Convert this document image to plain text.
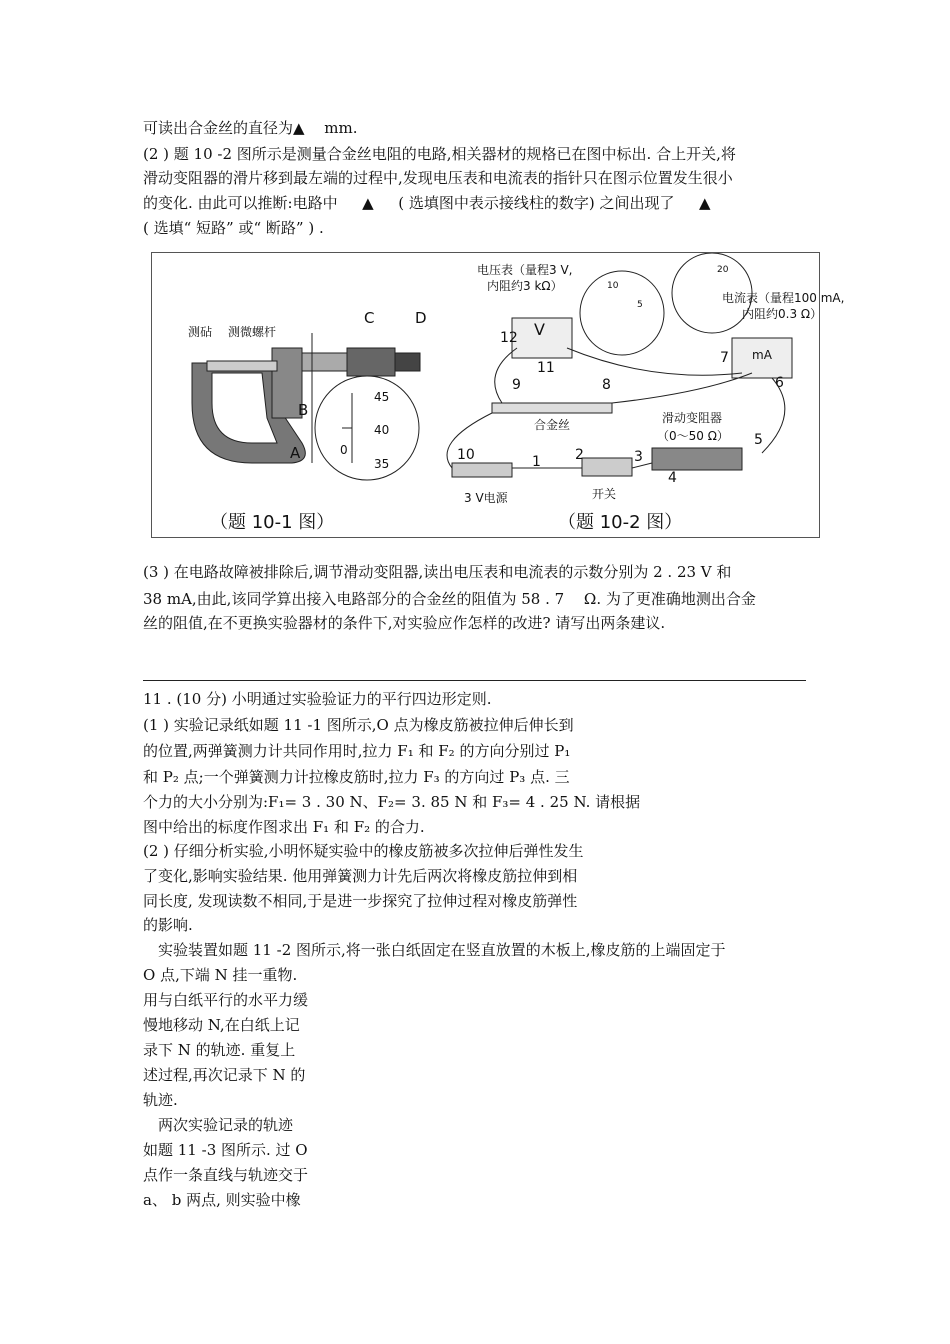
可读出合金丝的直径为▲ 　mm.
(2 ) 题 10 -2 图所示是测量合金丝电阻的电路,相关器材的规格已在图中标出. 合上开关,将
滑动变阻器的滑片移到最左端的过程中,发现电压表和电流表的指针只在图示位置发生很小
的变化. 由此可以推断:电路中 　 ▲ 　 ( 选填图中表示接线柱的数字) 之间出现了 　 ▲
( 选填“ 短路” 或“ 断路” ) .
测砧 测微螺杆
C	D
B
A
45
40
35
0
电压表（量程3 V,
内阻约3 kΩ）
电流表（量程100 mA,
内阻约0.3 Ω）
V
mA
10
5
20
合金丝	滑动变阻器
（0～50 Ω）
3 V电源	开关
12
11
7
6
9	8
5
10	1 2	3
4
（题 10-1 图）	（题 10-2 图）
(3 ) 在电路故障被排除后,调节滑动变阻器,读出电压表和电流表的示数分别为 2 . 23 V 和
38 mA,由此,该同学算出接入电路部分的合金丝的阻值为 58 . 7 　Ω. 为了更准确地测出合金
丝的阻值,在不更换实验器材的条件下,对实验应作怎样的改进? 请写出两条建议.
11 . (10 分) 小明通过实验验证力的平行四边形定则.
(1 ) 实验记录纸如题 11 -1 图所示,O 点为橡皮筋被拉伸后伸长到
的位置,两弹簧测力计共同作用时,拉力 F₁ 和 F₂ 的方向分别过 P₁
和 P₂ 点;一个弹簧测力计拉橡皮筋时,拉力 F₃ 的方向过 P₃ 点. 三
个力的大小分别为:F₁= 3 . 30 N、F₂= 3. 85 N 和 F₃= 4 . 25 N. 请根据
图中给出的标度作图求出 F₁ 和 F₂ 的合力.
(2 ) 仔细分析实验,小明怀疑实验中的橡皮筋被多次拉伸后弹性发生
了变化,影响实验结果. 他用弹簧测力计先后两次将橡皮筋拉伸到相
同长度, 发现读数不相同,于是进一步探究了拉伸过程对橡皮筋弹性
的影响.
　实验装置如题 11 -2 图所示,将一张白纸固定在竖直放置的木板上,橡皮筋的上端固定于
O 点,下端 N 挂一重物.
用与白纸平行的水平力缓
慢地移动 N,在白纸上记
录下 N 的轨迹. 重复上
述过程,再次记录下 N 的
轨迹.
　两次实验记录的轨迹
如题 11 -3 图所示. 过 O
点作一条直线与轨迹交于
a、 b 两点, 则实验中橡
